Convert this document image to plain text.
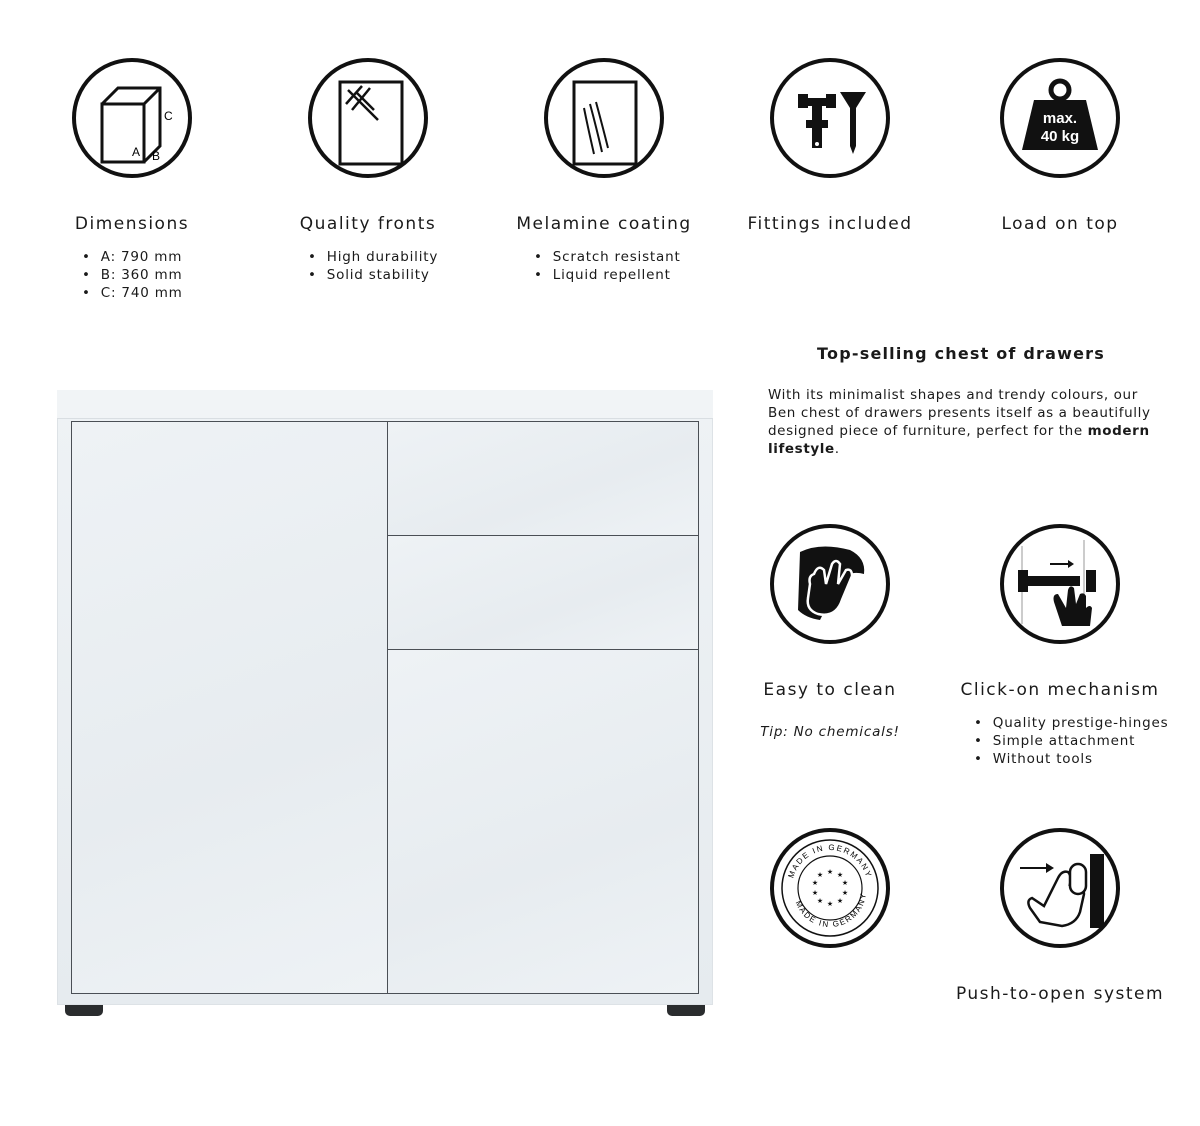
A B
C
Dimensions
• A: 790 mm
• B: 360 mm
• C: 740 mm
Quality fronts
• High durability
• Solid stability
Melamine coating
• Scratch resistant
• Liquid repellent
Fittings included
max.
40 kg
Load on top
Top-selling chest of drawers
With its minimalist shapes and trendy colours, our Ben chest of drawers presents itself as a beautifully designed piece of furniture, perfect for the modern lifestyle.
Easy to clean
Tip: No chemicals!
Click-on mechanism
• Quality prestige-hinges
• Simple attachment
• Without tools
MADE IN GERMANY
MADE IN GERMANY
★ ★
★
★
★
★
★
★
★
★
Push-to-open system
